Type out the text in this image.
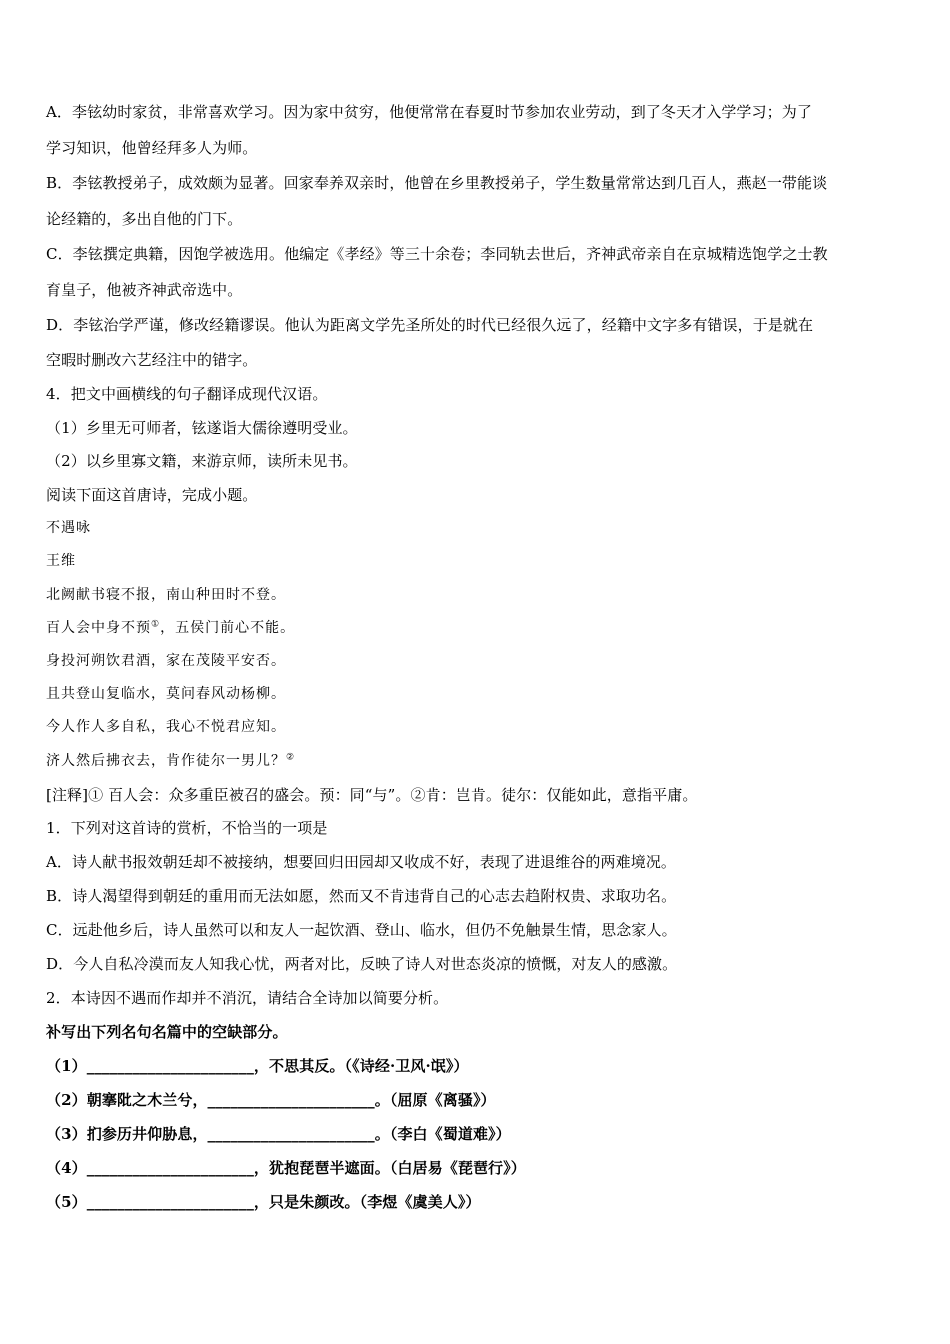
A．李铉幼时家贫，非常喜欢学习。因为家中贫穷，他便常常在春夏时节参加农业劳动，到了冬天才入学学习；为了
学习知识，他曾经拜多人为师。
B．李铉教授弟子，成效颇为显著。回家奉养双亲时，他曾在乡里教授弟子，学生数量常常达到几百人，燕赵一带能谈
论经籍的，多出自他的门下。
C．李铉撰定典籍，因饱学被选用。他编定《孝经》等三十余卷；李同轨去世后，齐神武帝亲自在京城精选饱学之士教
育皇子，他被齐神武帝选中。
D．李铉治学严谨，修改经籍谬误。他认为距离文学先圣所处的时代已经很久远了，经籍中文字多有错误，于是就在
空暇时删改六艺经注中的错字。
4．把文中画横线的句子翻译成现代汉语。
（1）乡里无可师者，铉遂诣大儒徐遵明受业。
（2）以乡里寡文籍，来游京师，读所未见书。
阅读下面这首唐诗，完成小题。
不遇咏
王维
北阙献书寝不报，南山种田时不登。
百人会中身不预①，五侯门前心不能。
身投河朔饮君酒，家在茂陵平安否。
且共登山复临水，莫问春风动杨柳。
今人作人多自私，我心不悦君应知。
济人然后拂衣去，肯作徒尔一男儿？②
[注释]① 百人会：众多重臣被召的盛会。预：同“与”。②肯：岂肯。徒尔：仅能如此，意指平庸。
1．下列对这首诗的赏析，不恰当的一项是
A．诗人献书报效朝廷却不被接纳，想要回归田园却又收成不好，表现了进退维谷的两难境况。
B．诗人渴望得到朝廷的重用而无法如愿，然而又不肯违背自己的心志去趋附权贵、求取功名。
C．远赴他乡后，诗人虽然可以和友人一起饮酒、登山、临水，但仍不免触景生情，思念家人。
D．今人自私冷漠而友人知我心忧，两者对比，反映了诗人对世态炎凉的愤慨，对友人的感激。
2．本诗因不遇而作却并不消沉，请结合全诗加以简要分析。
补写出下列名句名篇中的空缺部分。
（1）______________________，不思其反。（《诗经·卫风·氓》）
（2）朝搴阰之木兰兮，______________________。（屈原《离骚》）
（3）扪参历井仰胁息，______________________。（李白《蜀道难》）
（4）______________________，犹抱琵琶半遮面。（白居易《琵琶行》）
（5）______________________，只是朱颜改。（李煜《虞美人》）
